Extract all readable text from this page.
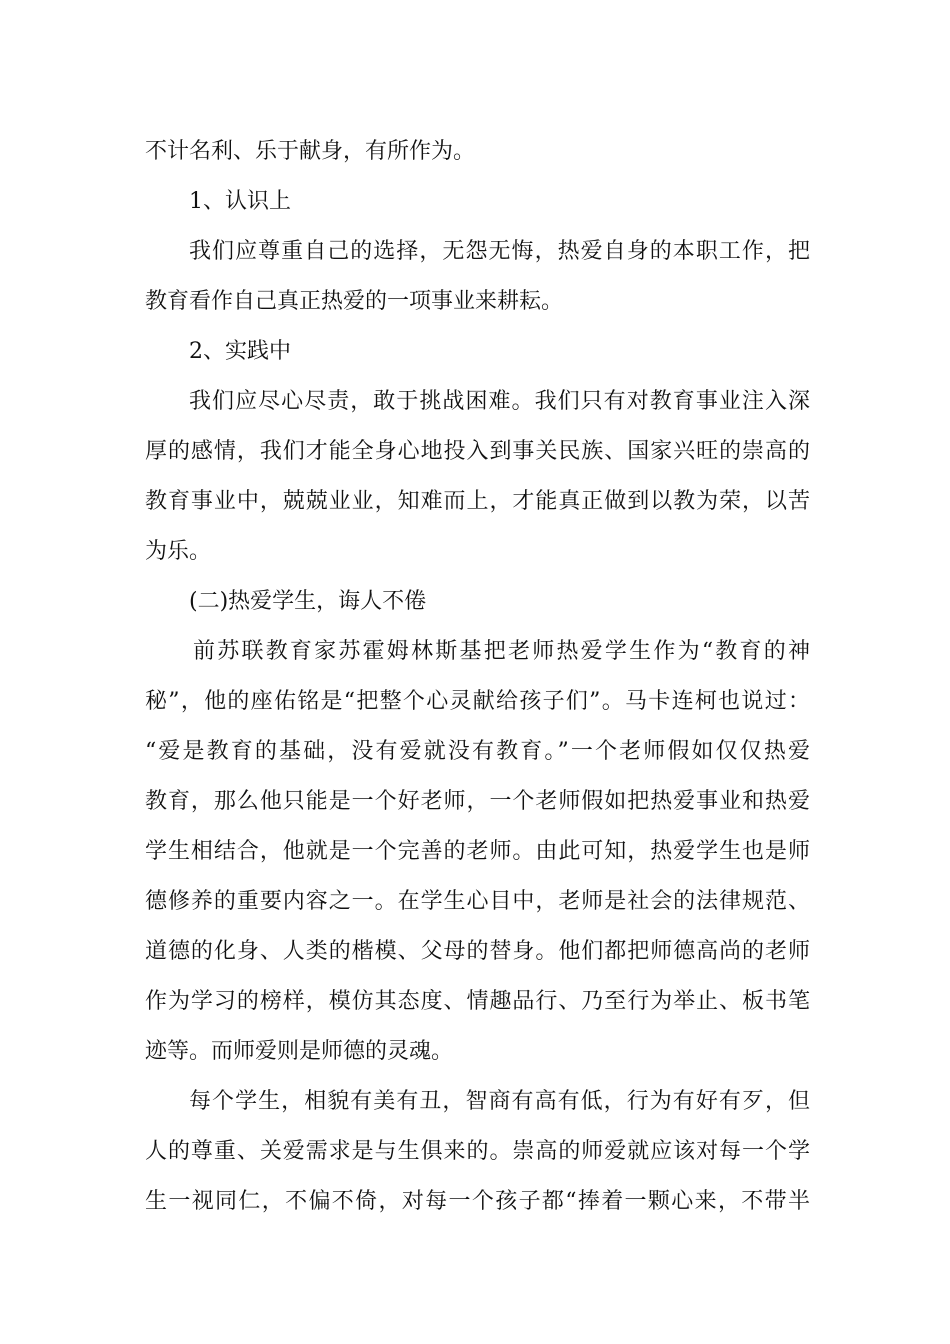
不计名利、乐于献身，有所作为。
1、认识上
我们应尊重自己的选择，无怨无悔，热爱自身的本职工作，把
教育看作自己真正热爱的一项事业来耕耘。
2、实践中
我们应尽心尽责，敢于挑战困难。我们只有对教育事业注入深
厚的感情，我们才能全身心地投入到事关民族、国家兴旺的崇高的
教育事业中，兢兢业业，知难而上，才能真正做到以教为荣，以苦
为乐。
(二)热爱学生，诲人不倦
前苏联教育家苏霍姆林斯基把老师热爱学生作为“教育的神
秘”，他的座佑铭是“把整个心灵献给孩子们”。马卡连柯也说过：
“爱是教育的基础，没有爱就没有教育。”一个老师假如仅仅热爱
教育，那么他只能是一个好老师，一个老师假如把热爱事业和热爱
学生相结合，他就是一个完善的老师。由此可知，热爱学生也是师
德修养的重要内容之一。在学生心目中，老师是社会的法律规范、
道德的化身、人类的楷模、父母的替身。他们都把师德高尚的老师
作为学习的榜样，模仿其态度、情趣品行、乃至行为举止、板书笔
迹等。而师爱则是师德的灵魂。
每个学生，相貌有美有丑，智商有高有低，行为有好有歹，但
人的尊重、关爱需求是与生俱来的。崇高的师爱就应该对每一个学
生一视同仁，不偏不倚，对每一个孩子都“捧着一颗心来，不带半
